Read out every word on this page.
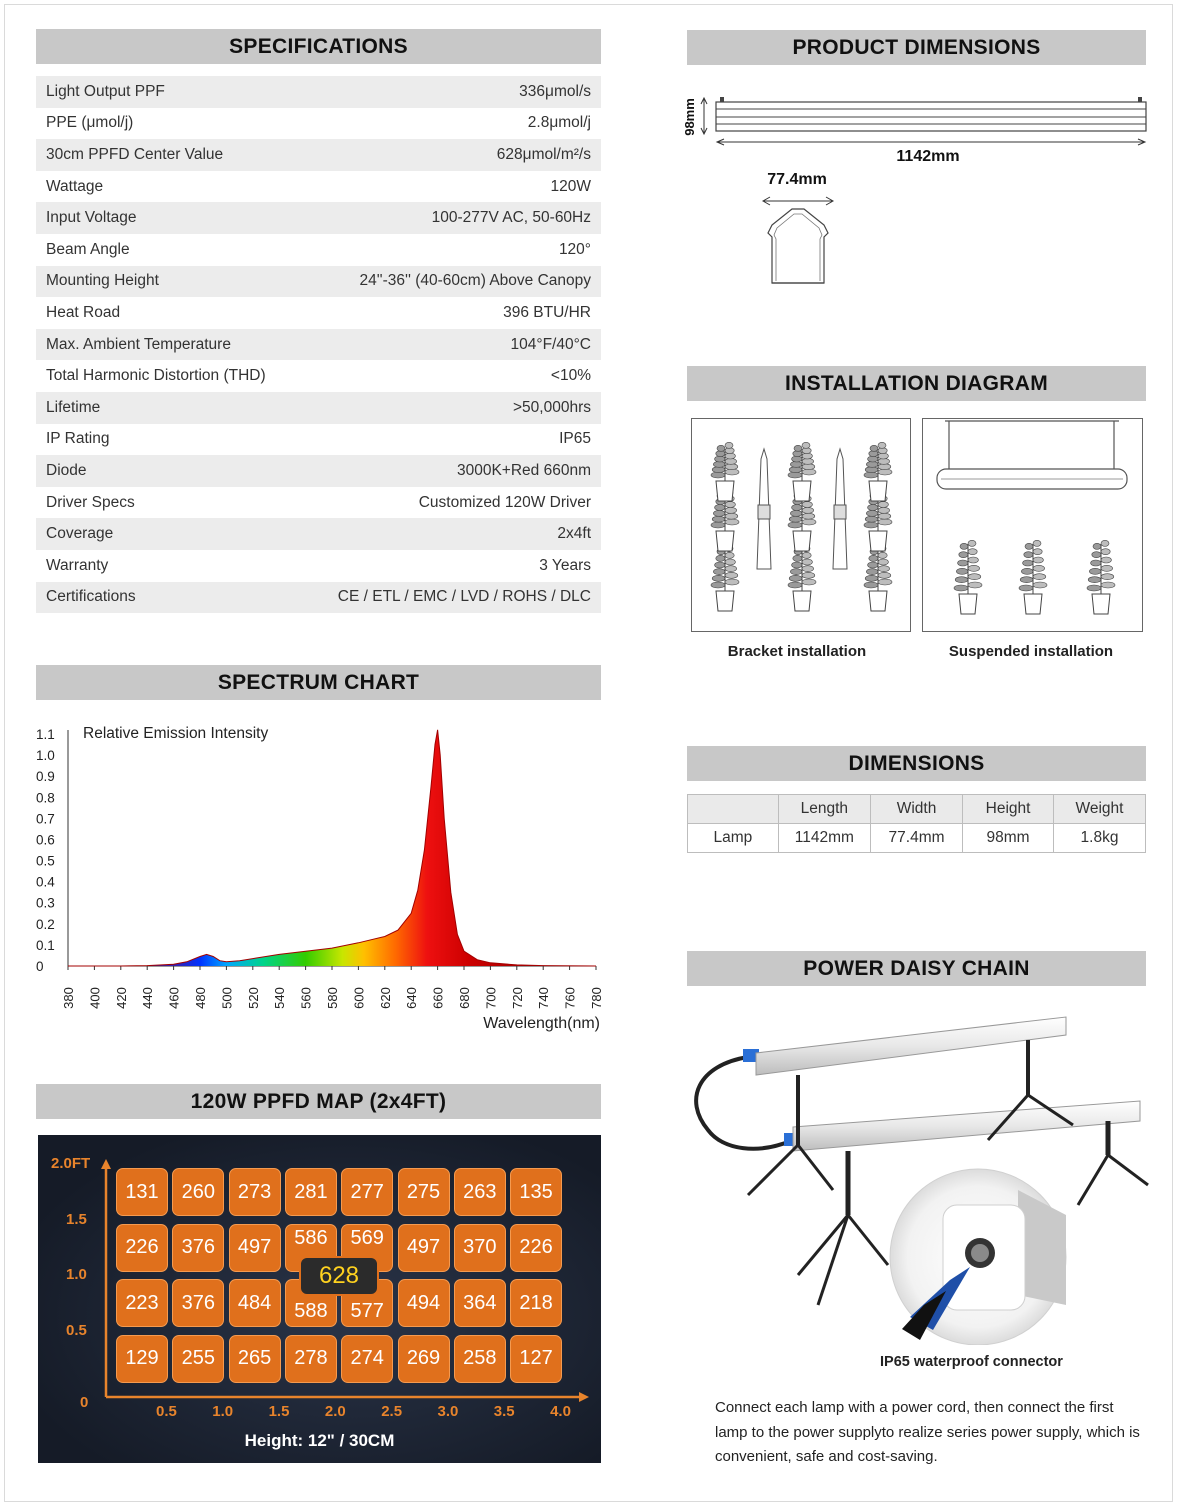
SPECIFICATIONS
Light Output PPF	336μmol/s
PPE (μmol/j)	2.8μmol/j
30cm PPFD Center Value	628μmol/m²/s
Wattage	120W
Input Voltage	100-277V AC, 50-60Hz
Beam Angle	120°
Mounting Height	24''-36'' (40-60cm) Above Canopy
Heat Road	396 BTU/HR
Max. Ambient Temperature	104°F/40°C
Total Harmonic Distortion (THD)	<10%
Lifetime	>50,000hrs
IP Rating	IP65
Diode	3000K+Red 660nm
Driver Specs	Customized 120W Driver
Coverage	2x4ft
Warranty	3 Years
Certifications	CE / ETL / EMC / LVD / ROHS / DLC
SPECTRUM CHART
0
0.1
0.2
0.3
0.4
0.5
0.6
0.7
0.8
0.9
1.0
1.1
380 400 420 440 460 480 500 520 540 560 580 600 620 640 660 680 700 720 740 760 780
Relative Emission Intensity
Wavelength(nm)
120W PPFD MAP (2x4FT)
131	260	273	281	277	275	263	135
226	376	497	586	569	497	370	226
223	376	484	588	577	494	364	218
129	255	265	278	274	269	258	127
628
2.0FT
1.5
1.0
0.5
0
0.5 1.0 1.5 2.0 2.5 3.0 3.5 4.0
Height: 12" / 30CM
PRODUCT DIMENSIONS
98mm
1142mm
77.4mm
INSTALLATION DIAGRAM
Bracket installation	Suspended installation
DIMENSIONS
	Length	Width	Height	Weight
Lamp	1142mm	77.4mm	98mm	1.8kg
POWER DAISY CHAIN
IP65 waterproof connector
Connect each lamp with a power cord, then connect the first lamp to the power supplyto realize series power supply, which is convenient, safe and cost-saving.
